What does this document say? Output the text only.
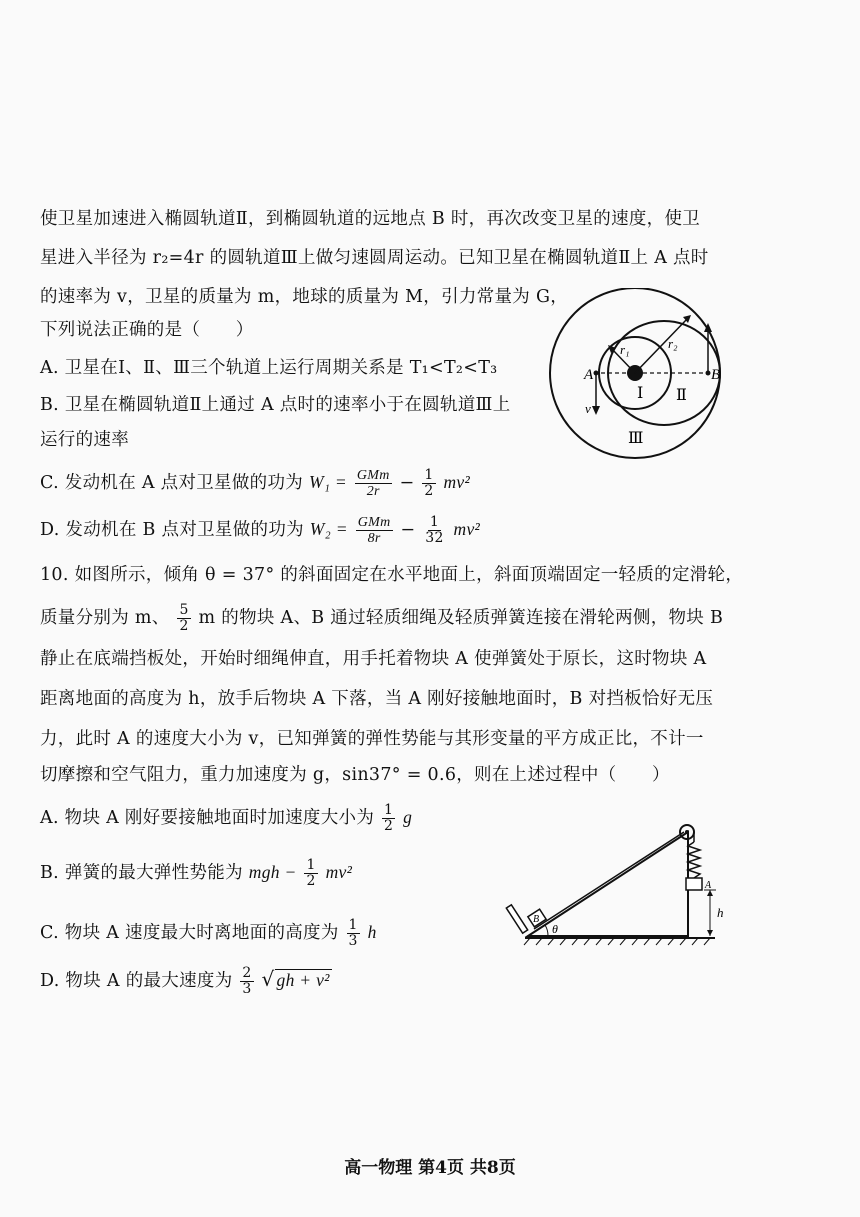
使卫星加速进入椭圆轨道Ⅱ，到椭圆轨道的远地点 B 时，再次改变卫星的速度，使卫
星进入半径为 r₂=4r 的圆轨道Ⅲ上做匀速圆周运动。已知卫星在椭圆轨道Ⅱ上 A 点时
的速率为 v，卫星的质量为 m，地球的质量为 M，引力常量为 G，
下列说法正确的是（　　）
A. 卫星在Ⅰ、Ⅱ、Ⅲ三个轨道上运行周期关系是 T₁<T₂<T₃
B. 卫星在椭圆轨道Ⅱ上通过 A 点时的速率小于在圆轨道Ⅲ上
运行的速率
C. 发动机在 A 点对卫星做的功为 $W_1 = \frac{\text{GMm}}{2r} - \frac{1}{2} mv^2$
D. 发动机在 B 点对卫星做的功为 $W_2 = \frac{\text{GMm}}{8r} - \frac{1}{32} mv^2$
A	B
r₁	r₂
v
Ⅰ Ⅱ
Ⅲ
10. 如图所示，倾角 θ = 37° 的斜面固定在水平地面上，斜面顶端固定一轻质的定滑轮，
质量分别为 m、 $\frac{5}{2}$ m 的物块 A、B 通过轻质细绳及轻质弹簧连接在滑轮两侧，物块 B
静止在底端挡板处，开始时细绳伸直，用手托着物块 A 使弹簧处于原长，这时物块 A
距离地面的高度为 h，放手后物块 A 下落，当 A 刚好接触地面时，B 对挡板恰好无压
力，此时 A 的速度大小为 v，已知弹簧的弹性势能与其形变量的平方成正比，不计一
切摩擦和空气阻力，重力加速度为 g，sin37° = 0.6，则在上述过程中（　　）
A. 物块 A 刚好要接触地面时加速度大小为 $\frac{1}{2}$ g
B. 弹簧的最大弹性势能为 mgh − $\frac{1}{2} mv^2$
C. 物块 A 速度最大时离地面的高度为 $\frac{1}{3}$ h
D. 物块 A 的最大速度为 $\frac{2}{3}$ √ gh + v²
B
θ
A
h
高一物理 第4页 共8页
